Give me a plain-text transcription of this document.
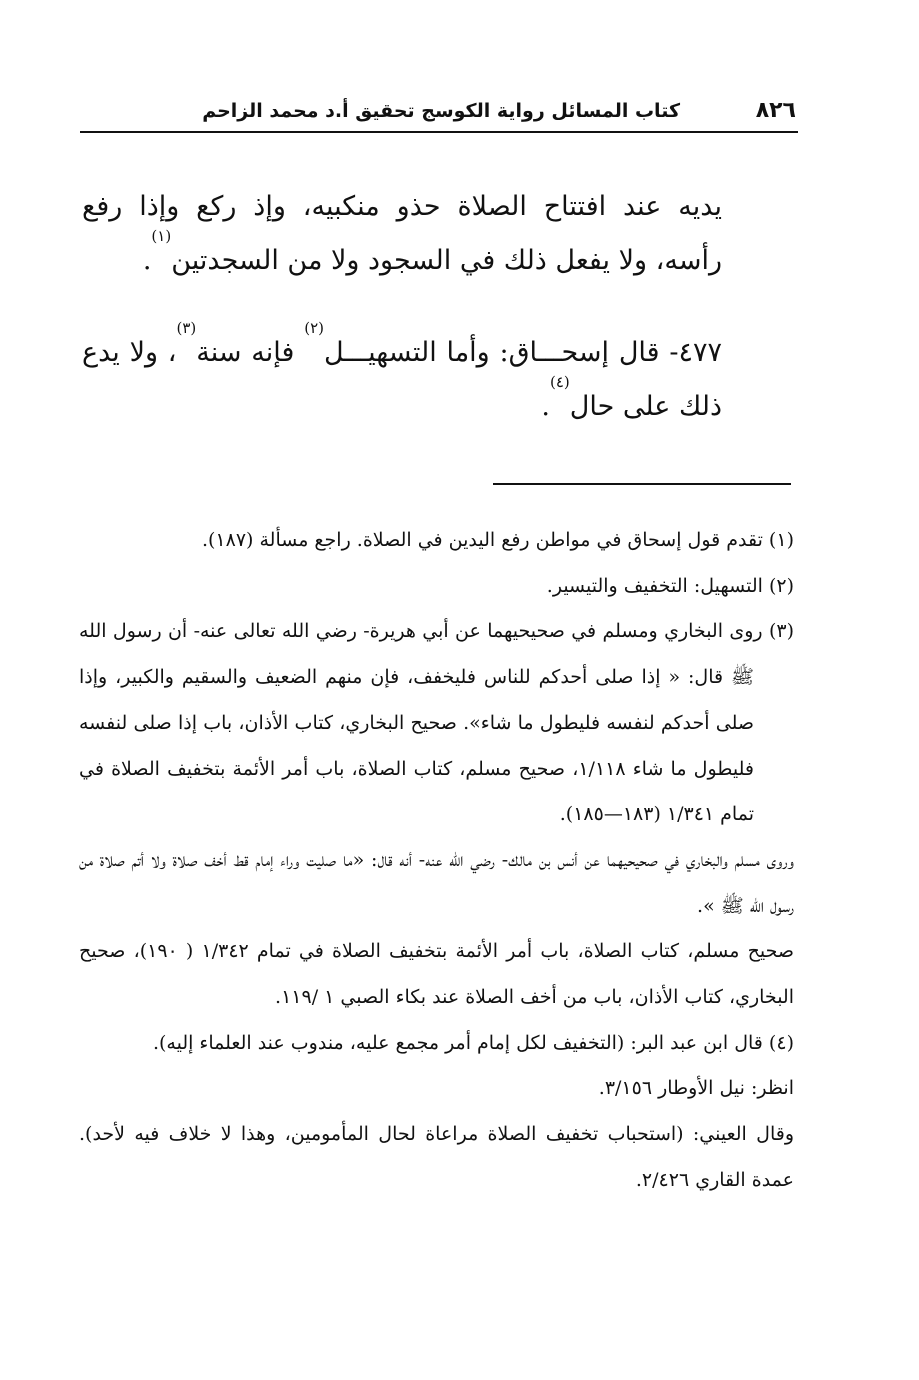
٨٢٦
كتاب المسائل رواية الكوسج تحقيق أ.د محمد الزاحم

يديه عند افتتاح الصلاة حذو منكبيه، وإذ ركع وإذا رفع رأسه، ولا يفعل ذلك في السجود ولا من السجدتين$^{(١)}$.

٤٧٧- قال إسحـــاق: وأما التسهيـــل$^{(٢)}$ فإنه سنة$^{(٣)}$، ولا يدع ذلك على حال$^{(٤)}$.

(١) تقدم قول إسحاق في مواطن رفع اليدين في الصلاة. راجع مسألة (١٨٧).

(٢) التسهيل: التخفيف والتيسير.

(٣) روى البخاري ومسلم في صحيحيهما عن أبي هريرة- رضي الله تعالى عنه- أن رسول الله ﷺ قال: « إذا صلى أحدكم للناس فليخفف، فإن منهم الضعيف والسقيم والكبير، وإذا صلى أحدكم لنفسه فليطول ما شاء». صحيح البخاري، كتاب الأذان، باب إذا صلى لنفسه فليطول ما شاء ١/١١٨، صحيح مسلم، كتاب الصلاة، باب أمر الأئمة بتخفيف الصلاة في تمام ١/٣٤١ (١٨٣—١٨٥).

وروى مسلم والبخاري في صحيحيهما عن أنس بن مالك- رضي الله عنه- أنه قال: «ما صليت وراء إمام قط أخف صلاة ولا أتم صلاة من رسول الله ﷺ ».

صحيح مسلم، كتاب الصلاة، باب أمر الأئمة بتخفيف الصلاة في تمام ١/٣٤٢ ( ١٩٠)، صحيح البخاري، كتاب الأذان، باب من أخف الصلاة عند بكاء الصبي ١ /١١٩.

(٤) قال ابن عبد البر: (التخفيف لكل إمام أمر مجمع عليه، مندوب عند العلماء إليه).

انظر: نيل الأوطار ٣/١٥٦.

وقال العيني: (استحباب تخفيف الصلاة مراعاة لحال المأمومين، وهذا لا خلاف فيه لأحد). عمدة القاري ٢/٤٢٦.
